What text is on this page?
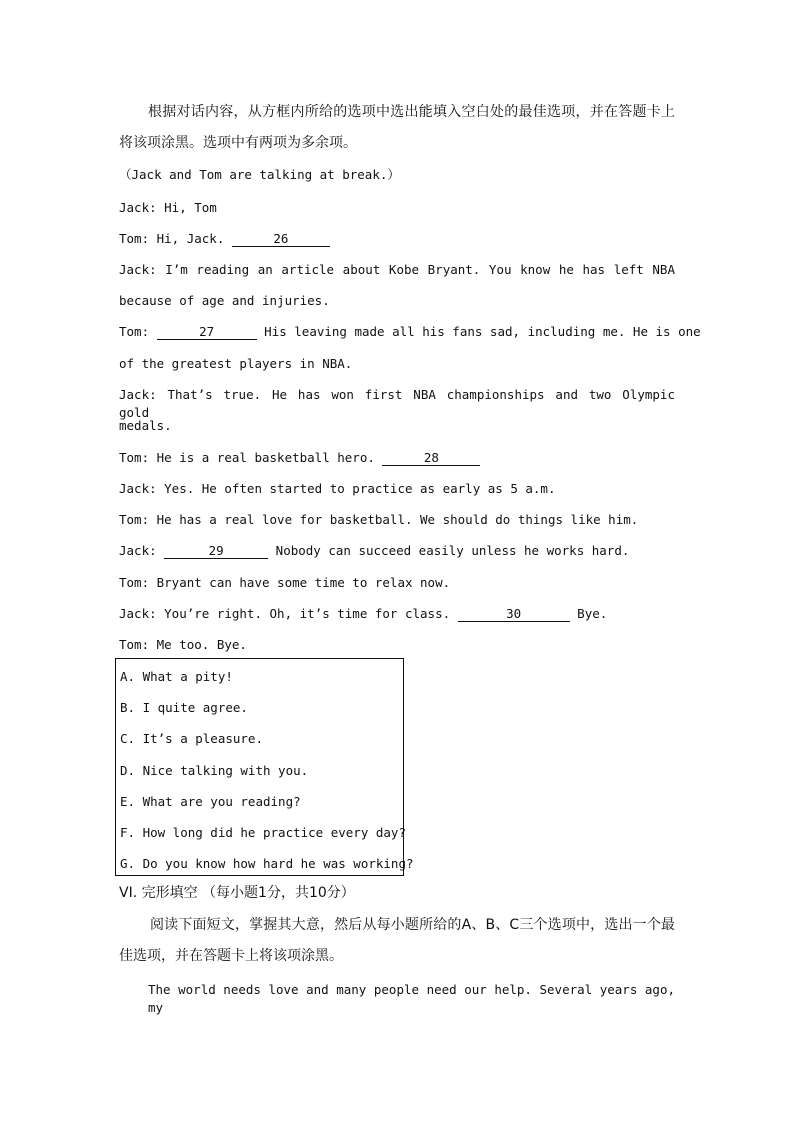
根据对话内容，从方框内所给的选项中选出能填入空白处的最佳选项，并在答题卡上
将该项涂黑。选项中有两项为多余项。
（Jack and Tom are talking at break.）
Jack: Hi, Tom
Tom: Hi, Jack.	26
Jack: I’m reading an article about Kobe Bryant. You know he has left NBA
because of age and injuries.
Tom:	27	His leaving made all his fans sad, including me. He is one
of the greatest players in NBA.
Jack: That’s true. He has won first NBA championships and two Olympic gold
medals.
Tom: He is a real basketball hero.	28
Jack: Yes. He often started to practice as early as 5 a.m.
Tom: He has a real love for basketball. We should do things like him.
Jack:	29	Nobody can succeed easily unless he works hard.
Tom: Bryant can have some time to relax now.
Jack: You’re right. Oh, it’s time for class.	30	Bye.
Tom: Me too. Bye.
A. What a pity!
B. I quite agree.
C. It’s a pleasure.
D. Nice talking with you.
E. What are you reading?
F. How long did he practice every day?
G. Do you know how hard he was working?
VI. 完形填空 （每小题1分，共10分）
阅读下面短文，掌握其大意，然后从每小题所给的A、B、C三个选项中，选出一个最
佳选项，并在答题卡上将该项涂黑。
The world needs love and many people need our help. Several years ago, my
